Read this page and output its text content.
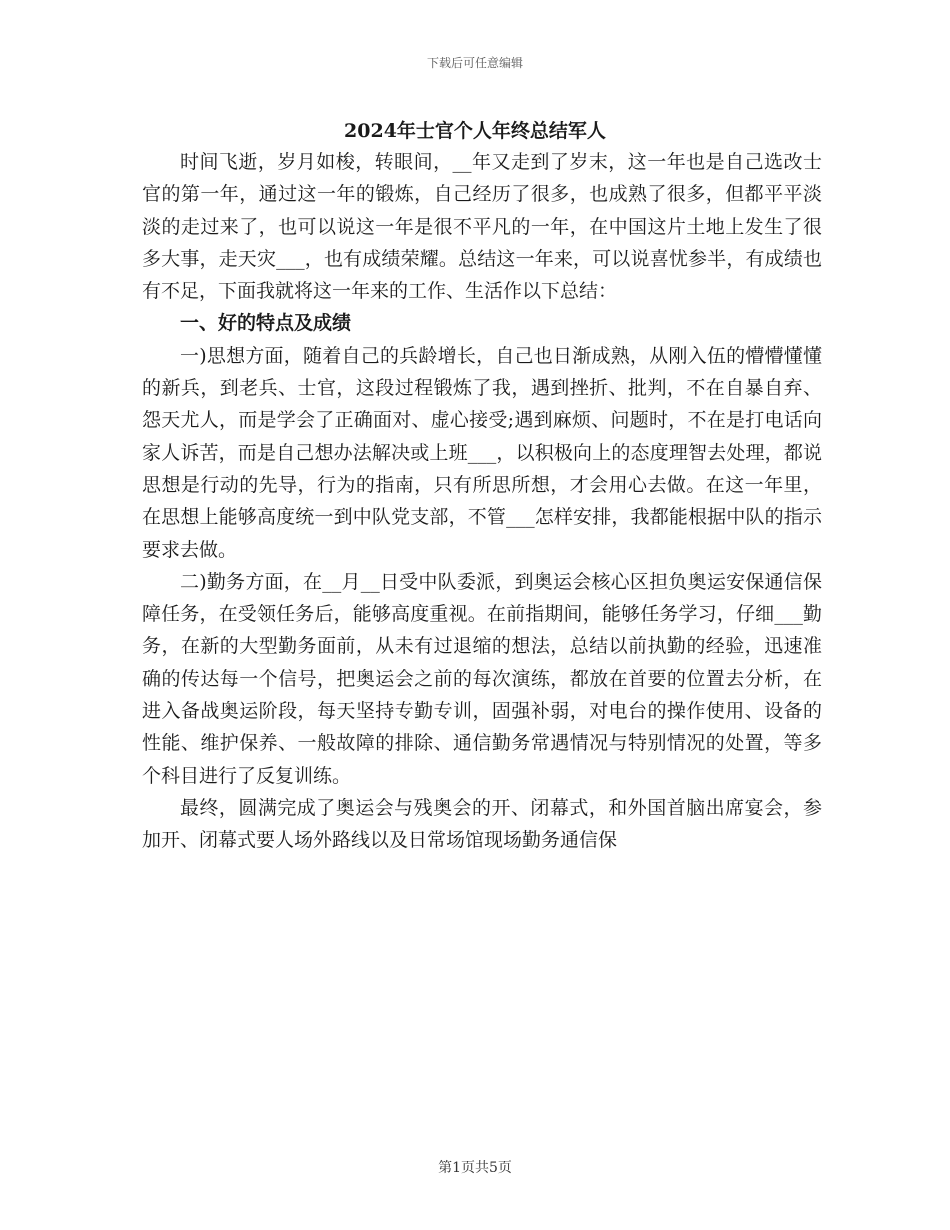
下载后可任意编辑
2024年士官个人年终总结军人

时间飞逝，岁月如梭，转眼间，__年又走到了岁末，这一年也是自己选改士官的第一年，通过这一年的锻炼，自己经历了很多，也成熟了很多，但都平平淡淡的走过来了，也可以说这一年是很不平凡的一年，在中国这片土地上发生了很多大事，走天灾___，也有成绩荣耀。总结这一年来，可以说喜忧参半，有成绩也有不足，下面我就将这一年来的工作、生活作以下总结：

一、好的特点及成绩

一)思想方面，随着自己的兵龄增长，自己也日渐成熟，从刚入伍的懵懵懂懂的新兵，到老兵、士官，这段过程锻炼了我，遇到挫折、批判，不在自暴自弃、怨天尤人，而是学会了正确面对、虚心接受;遇到麻烦、问题时，不在是打电话向家人诉苦，而是自己想办法解决或上班___，以积极向上的态度理智去处理，都说思想是行动的先导，行为的指南，只有所思所想，才会用心去做。在这一年里，在思想上能够高度统一到中队党支部，不管___怎样安排，我都能根据中队的指示要求去做。

二)勤务方面，在__月__日受中队委派，到奥运会核心区担负奥运安保通信保障任务，在受领任务后，能够高度重视。在前指期间，能够任务学习，仔细___勤务，在新的大型勤务面前，从未有过退缩的想法，总结以前执勤的经验，迅速准确的传达每一个信号，把奥运会之前的每次演练，都放在首要的位置去分析，在进入备战奥运阶段，每天坚持专勤专训，固强补弱，对电台的操作使用、设备的性能、维护保养、一般故障的排除、通信勤务常遇情况与特别情况的处置，等多个科目进行了反复训练。

最终，圆满完成了奥运会与残奥会的开、闭幕式，和外国首脑出席宴会，参加开、闭幕式要人场外路线以及日常场馆现场勤务通信保

第1页共5页
